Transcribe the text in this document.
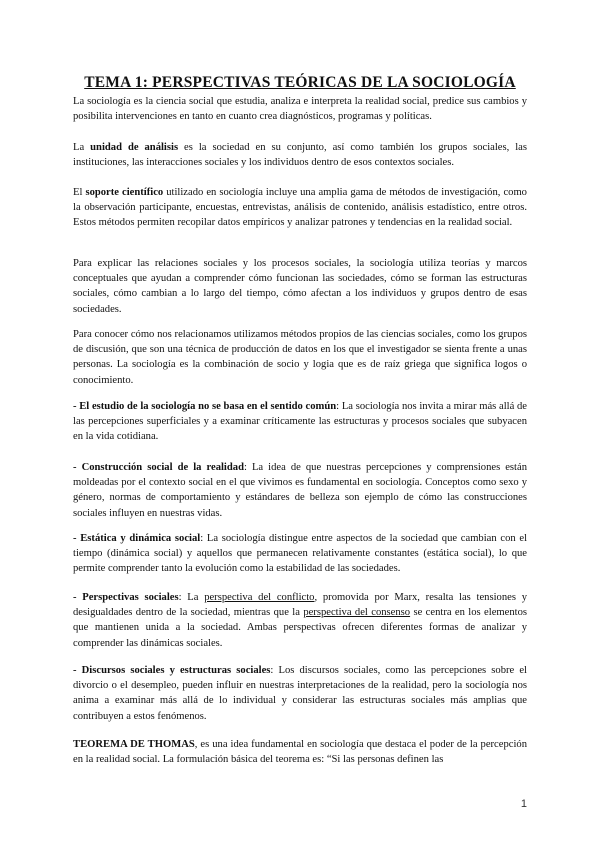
TEMA 1: PERSPECTIVAS TEÓRICAS DE LA SOCIOLOGÍA

La sociología es la ciencia social que estudia, analiza e interpreta la realidad social, predice sus cambios y posibilita intervenciones en tanto en cuanto crea diagnósticos, programas y políticas.

La unidad de análisis es la sociedad en su conjunto, así como también los grupos sociales, las instituciones, las interacciones sociales y los individuos dentro de esos contextos sociales.

El soporte científico utilizado en sociología incluye una amplia gama de métodos de investigación, como la observación participante, encuestas, entrevistas, análisis de contenido, análisis estadístico, entre otros. Estos métodos permiten recopilar datos empíricos y analizar patrones y tendencias en la realidad social.

Para explicar las relaciones sociales y los procesos sociales, la sociología utiliza teorías y marcos conceptuales que ayudan a comprender cómo funcionan las sociedades, cómo se forman las estructuras sociales, cómo cambian a lo largo del tiempo, cómo afectan a los individuos y grupos dentro de esas sociedades.

Para conocer cómo nos relacionamos utilizamos métodos propios de las ciencias sociales, como los grupos de discusión, que son una técnica de producción de datos en los que el investigador se sienta frente a unas personas. La sociología es la combinación de socio y logia que es de raíz griega que significa logos o conocimiento.

- El estudio de la sociología no se basa en el sentido común: La sociología nos invita a mirar más allá de las percepciones superficiales y a examinar críticamente las estructuras y procesos sociales que subyacen en la vida cotidiana.

- Construcción social de la realidad: La idea de que nuestras percepciones y comprensiones están moldeadas por el contexto social en el que vivimos es fundamental en sociología. Conceptos como sexo y género, normas de comportamiento y estándares de belleza son ejemplo de cómo las construcciones sociales influyen en nuestras vidas.

- Estática y dinámica social: La sociología distingue entre aspectos de la sociedad que cambian con el tiempo (dinámica social) y aquellos que permanecen relativamente constantes (estática social), lo que permite comprender tanto la evolución como la estabilidad de las sociedades.

- Perspectivas sociales: La perspectiva del conflicto, promovida por Marx, resalta las tensiones y desigualdades dentro de la sociedad, mientras que la perspectiva del consenso se centra en los elementos que mantienen unida a la sociedad. Ambas perspectivas ofrecen diferentes formas de analizar y comprender las dinámicas sociales.

- Discursos sociales y estructuras sociales: Los discursos sociales, como las percepciones sobre el divorcio o el desempleo, pueden influir en nuestras interpretaciones de la realidad, pero la sociología nos anima a examinar más allá de lo individual y considerar las estructuras sociales más amplias que contribuyen a estos fenómenos.

TEOREMA DE THOMAS, es una idea fundamental en sociología que destaca el poder de la percepción en la realidad social. La formulación básica del teorema es: “Si las personas definen las

1
